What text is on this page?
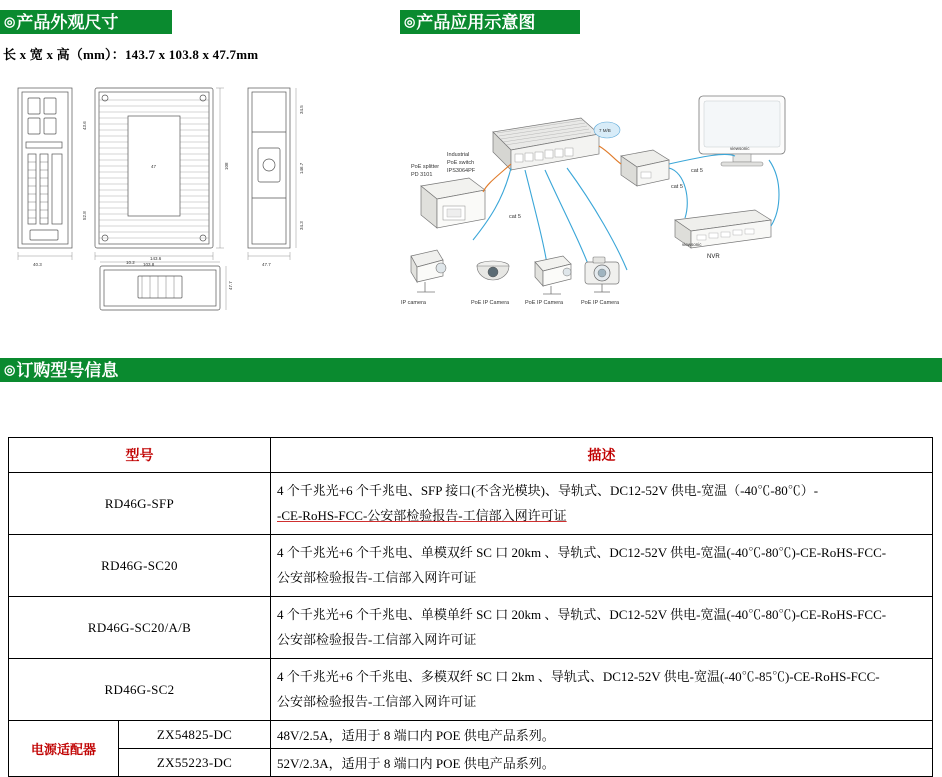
◎产品外观尺寸	◎产品应用示意图
长 x 宽 x 高（mm）：143.7 x 103.8 x 47.7mm
40.3	10.2 103.8	47.7
43.6
52.8
108
34.5
146.7
34.3
143.6
47.7
47
Industrial
PoE switch
IPS3064PF
7 M/B
PoE splitter
PD 3101
viewsonic
NVR
viewsonic
cat 5
cat 5
cat 5
IP camera	PoE IP Camera	PoE IP Camera	PoE IP Camera
◎订购型号信息
型号		描述
RD46G-SFP		4 个千兆光+6 个千兆电、SFP 接口(不含光模块)、导轨式、DC12-52V 供电-宽温（-40℃-80℃）-
-CE-RoHS-FCC-公安部检验报告-工信部入网许可证

RD46G-SC20		4 个千兆光+6 个千兆电、单模双纤 SC 口 20km 、导轨式、DC12-52V 供电-宽温(-40℃-80℃)-CE-RoHS-FCC-
公安部检验报告-工信部入网许可证

RD46G-SC20/A/B		4 个千兆光+6 个千兆电、单模单纤 SC 口 20km 、导轨式、DC12-52V 供电-宽温(-40℃-80℃)-CE-RoHS-FCC-
公安部检验报告-工信部入网许可证

RD46G-SC2		4 个千兆光+6 个千兆电、多模双纤 SC 口 2km 、导轨式、DC12-52V 供电-宽温(-40℃-85℃)-CE-RoHS-FCC-
公安部检验报告-工信部入网许可证

电源适配器	ZX54825-DC	48V/2.5A，适用于 8 端口内 POE 供电产品系列。
	ZX55223-DC	52V/2.3A，适用于 8 端口内 POE 供电产品系列。
